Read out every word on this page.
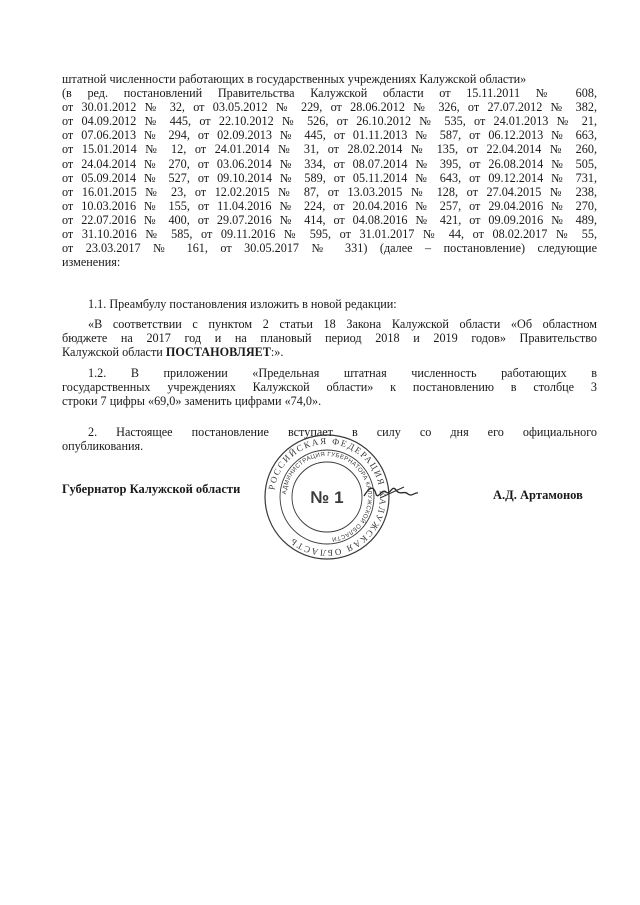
штатной численности работающих в государственных учреждениях Калужской области»
(в ред. постановлений Правительства Калужской области от 15.11.2011 № 608,
от 30.01.2012 № 32, от 03.05.2012 № 229, от 28.06.2012 № 326, от 27.07.2012 № 382,
от 04.09.2012 № 445, от 22.10.2012 № 526, от 26.10.2012 № 535, от 24.01.2013 № 21,
от 07.06.2013 № 294, от 02.09.2013 № 445, от 01.11.2013 № 587, от 06.12.2013 № 663,
от 15.01.2014 № 12, от 24.01.2014 № 31, от 28.02.2014 № 135, от 22.04.2014 № 260,
от 24.04.2014 № 270, от 03.06.2014 № 334, от 08.07.2014 № 395, от 26.08.2014 № 505,
от 05.09.2014 № 527, от 09.10.2014 № 589, от 05.11.2014 № 643, от 09.12.2014 № 731,
от 16.01.2015 № 23, от 12.02.2015 № 87, от 13.03.2015 № 128, от 27.04.2015 № 238,
от 10.03.2016 № 155, от 11.04.2016 № 224, от 20.04.2016 № 257, от 29.04.2016 № 270,
от 22.07.2016 № 400, от 29.07.2016 № 414, от 04.08.2016 № 421, от 09.09.2016 № 489,
от 31.10.2016 № 585, от 09.11.2016 № 595, от 31.01.2017 № 44, от 08.02.2017 № 55,
от 23.03.2017 № 161, от 30.05.2017 № 331) (далее – постановление) следующие
изменения:
1.1. Преамбулу постановления изложить в новой редакции:
«В соответствии с пунктом 2 статьи 18 Закона Калужской области «Об областном
бюджете на 2017 год и на плановый период 2018 и 2019 годов» Правительство
Калужской области ПОСТАНОВЛЯЕТ:».
1.2. В приложении «Предельная штатная численность работающих в
государственных учреждениях Калужской области» к постановлению в столбце 3
строки 7 цифры «69,0» заменить цифрами «74,0».
2. Настоящее постановление вступает в силу со дня его официального
опубликования.
Губернатор Калужской области	А.Д. Артамонов
РОССИЙСКАЯ ФЕДЕРАЦИЯ КАЛУЖСКАЯ ОБЛАСТЬ
АДМИНИСТРАЦИЯ ГУБЕРНАТОРА КАЛУЖСКОЙ ОБЛАСТИ
№ 1
